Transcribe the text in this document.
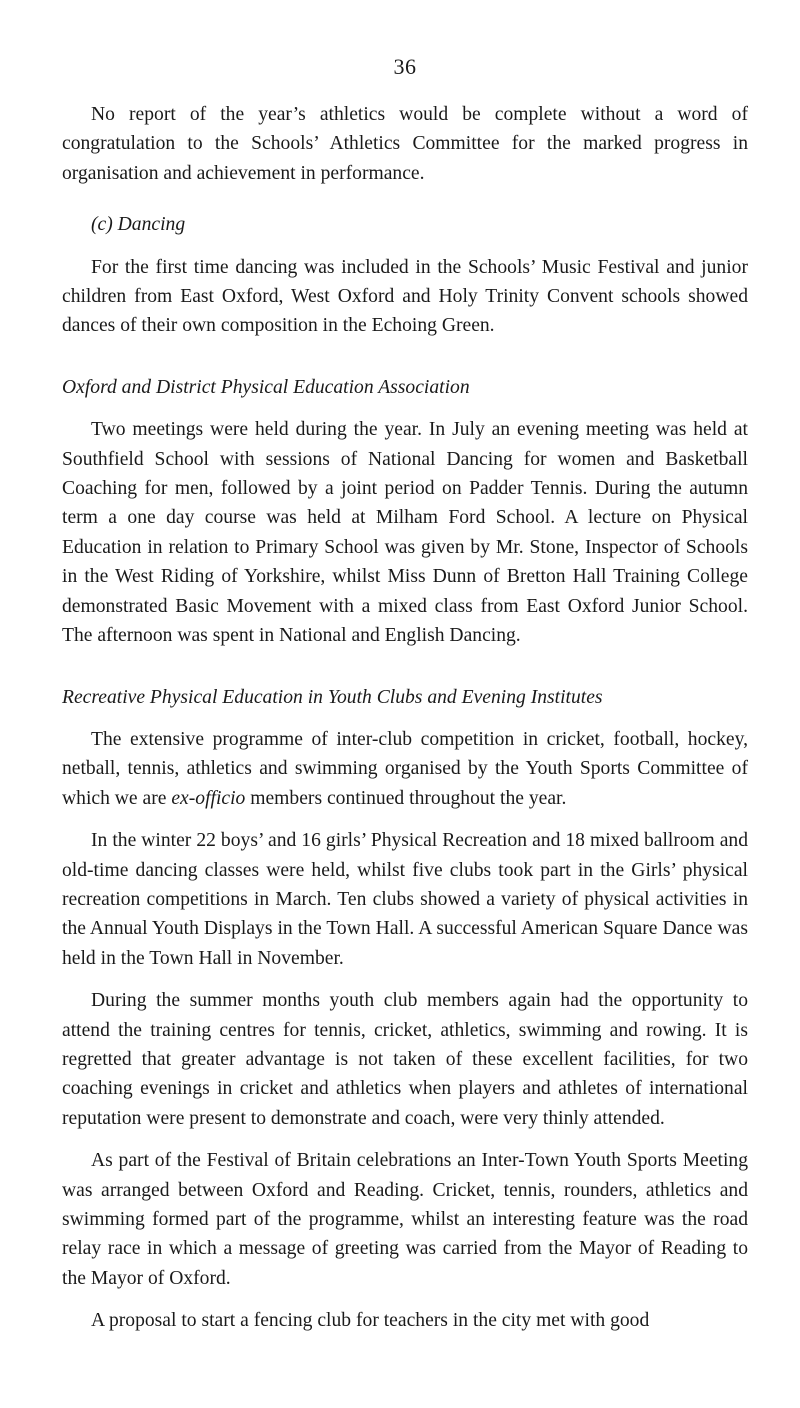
36

No report of the year’s athletics would be complete without a word of congratulation to the Schools’ Athletics Committee for the marked progress in organisation and achievement in performance.

(c) Dancing

For the first time dancing was included in the Schools’ Music Festival and junior children from East Oxford, West Oxford and Holy Trinity Convent schools showed dances of their own composition in the Echoing Green.

Oxford and District Physical Education Association

Two meetings were held during the year. In July an evening meeting was held at Southfield School with sessions of National Dancing for women and Basketball Coaching for men, followed by a joint period on Padder Tennis. During the autumn term a one day course was held at Milham Ford School. A lecture on Physical Education in relation to Primary School was given by Mr. Stone, Inspector of Schools in the West Riding of Yorkshire, whilst Miss Dunn of Bretton Hall Training College demonstrated Basic Movement with a mixed class from East Oxford Junior School. The afternoon was spent in National and English Dancing.

Recreative Physical Education in Youth Clubs and Evening Institutes

The extensive programme of inter-club competition in cricket, football, hockey, netball, tennis, athletics and swimming organised by the Youth Sports Committee of which we are ex-officio members continued throughout the year.

In the winter 22 boys’ and 16 girls’ Physical Recreation and 18 mixed ballroom and old-time dancing classes were held, whilst five clubs took part in the Girls’ physical recreation competitions in March. Ten clubs showed a variety of physical activities in the Annual Youth Displays in the Town Hall. A successful American Square Dance was held in the Town Hall in November.

During the summer months youth club members again had the opportunity to attend the training centres for tennis, cricket, athletics, swimming and rowing. It is regretted that greater advantage is not taken of these excellent facilities, for two coaching evenings in cricket and athletics when players and athletes of international reputation were present to demonstrate and coach, were very thinly attended.

As part of the Festival of Britain celebrations an Inter-Town Youth Sports Meeting was arranged between Oxford and Reading. Cricket, tennis, rounders, athletics and swimming formed part of the programme, whilst an interesting feature was the road relay race in which a message of greeting was carried from the Mayor of Reading to the Mayor of Oxford.

A proposal to start a fencing club for teachers in the city met with good
